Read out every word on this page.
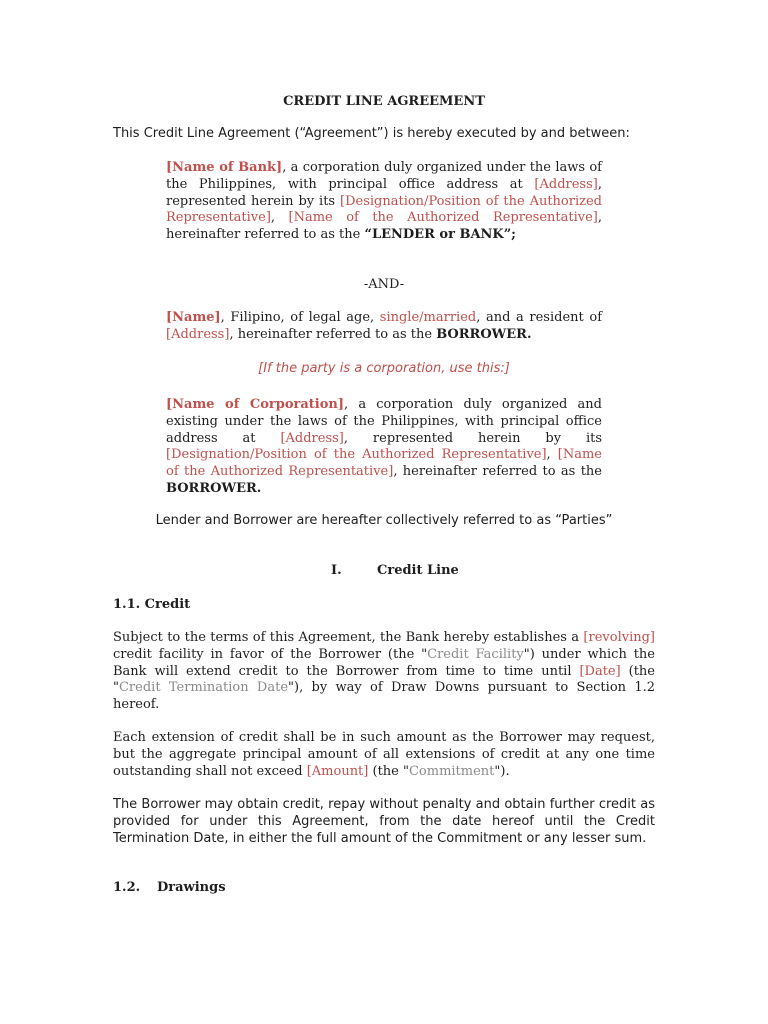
CREDIT LINE AGREEMENT
This Credit Line Agreement (“Agreement”) is hereby executed by and between:
[Name of Bank], a corporation duly organized under the laws of the Philippines, with principal office address at [Address], represented herein by its [Designation/Position of the Authorized Representative], [Name of the Authorized Representative], hereinafter referred to as the “LENDER or BANK”;
-AND-
[Name], Filipino, of legal age, single/married, and a resident of [Address], hereinafter referred to as the BORROWER.
[If the party is a corporation, use this:]
[Name of Corporation], a corporation duly organized and existing under the laws of the Philippines, with principal office address at [Address], represented herein by its [Designation/Position of the Authorized Representative], [Name of the Authorized Representative], hereinafter referred to as the BORROWER.
Lender and Borrower are hereafter collectively referred to as “Parties”
I.	Credit Line
1.1. Credit
Subject to the terms of this Agreement, the Bank hereby establishes a [revolving] credit facility in favor of the Borrower (the "Credit Facility") under which the Bank will extend credit to the Borrower from time to time until [Date] (the "Credit Termination Date"), by way of Draw Downs pursuant to Section 1.2 hereof.
Each extension of credit shall be in such amount as the Borrower may request, but the aggregate principal amount of all extensions of credit at any one time outstanding shall not exceed [Amount] (the "Commitment").
The Borrower may obtain credit, repay without penalty and obtain further credit as provided for under this Agreement, from the date hereof until the Credit Termination Date, in either the full amount of the Commitment or any lesser sum.
1.2. Drawings
